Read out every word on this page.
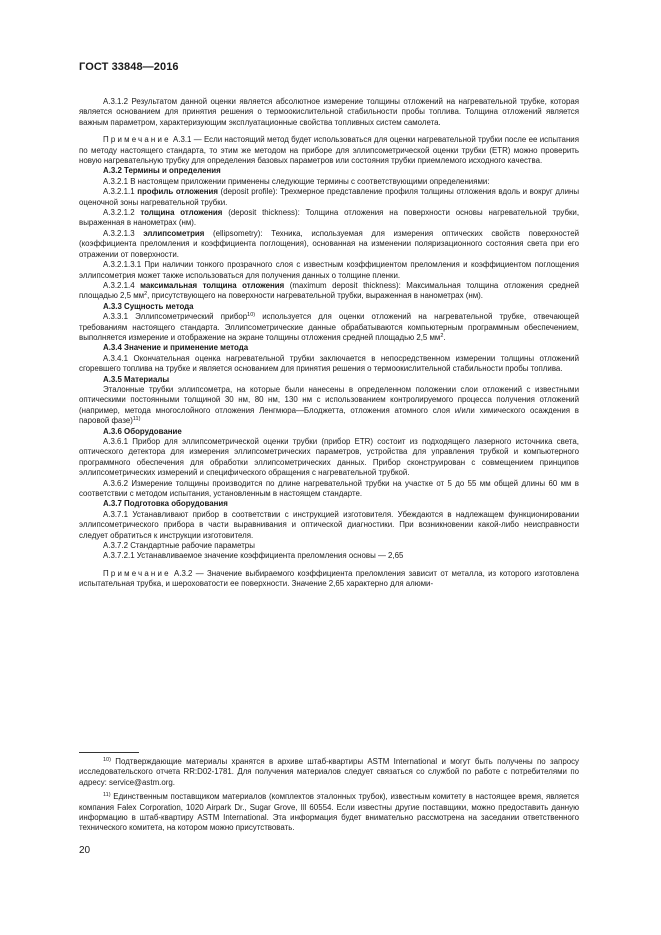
ГОСТ 33848—2016

А.3.1.2 Результатом данной оценки является абсолютное измерение толщины отложений на нагревательной трубке, которая является основанием для принятия решения о термоокислительной стабильности пробы топлива. Толщина отложений является важным параметром, характеризующим эксплуатационные свойства топливных систем самолета.

Примечание А.3.1 — Если настоящий метод будет использоваться для оценки нагревательной трубки после ее испытания по методу настоящего стандарта, то этим же методом на приборе для эллипсометрической оценки трубки (ETR) можно проверить новую нагревательную трубку для определения базовых параметров или состояния трубки приемлемого исходного качества.

А.3.2 Термины и определения

А.3.2.1 В настоящем приложении применены следующие термины с соответствующими определениями:

А.3.2.1.1 профиль отложения (deposit profile): Трехмерное представление профиля толщины отложения вдоль и вокруг длины оценочной зоны нагревательной трубки.

А.3.2.1.2 толщина отложения (deposit thickness): Толщина отложения на поверхности основы нагревательной трубки, выраженная в нанометрах (нм).

А.3.2.1.3 эллипсометрия (ellipsometry): Техника, используемая для измерения оптических свойств поверхностей (коэффициента преломления и коэффициента поглощения), основанная на изменении поляризационного состояния света при его отражении от поверхности.

А.3.2.1.3.1 При наличии тонкого прозрачного слоя с известным коэффициентом преломления и коэффициентом поглощения эллипсометрия может также использоваться для получения данных о толщине пленки.

А.3.2.1.4 максимальная толщина отложения (maximum deposit thickness): Максимальная толщина отложения средней площадью 2,5 $мм^2$, присутствующего на поверхности нагревательной трубки, выраженная в нанометрах (нм).

А.3.3 Сущность метода

А.3.3.1 Эллипсометрический прибор$^{10)}$ используется для оценки отложений на нагревательной трубке, отвечающей требованиям настоящего стандарта. Эллипсометрические данные обрабатываются компьютерным программным обеспечением, выполняется измерение и отображение на экране толщины отложения средней площадью 2,5 $мм^2$.

А.3.4 Значение и применение метода

А.3.4.1 Окончательная оценка нагревательной трубки заключается в непосредственном измерении толщины отложений сгоревшего топлива на трубке и является основанием для принятия решения о термоокислительной стабильности пробы топлива.

А.3.5 Материалы

Эталонные трубки эллипсометра, на которые были нанесены в определенном положении слои отложений с известными оптическими постоянными толщиной 30 нм, 80 нм, 130 нм с использованием контролируемого процесса получения отложений (например, метода многослойного отложения Ленгмюра—Блоджетта, отложения атомного слоя и/или химического осаждения в паровой фазе)$^{11)}$

А.3.6 Оборудование

А.3.6.1 Прибор для эллипсометрической оценки трубки (прибор ETR) состоит из подходящего лазерного источника света, оптического детектора для измерения эллипсометрических параметров, устройства для управления трубкой и компьютерного программного обеспечения для обработки эллипсометрических данных. Прибор сконструирован с совмещением принципов эллипсометрических измерений и специфического обращения с нагревательной трубкой.

А.3.6.2 Измерение толщины производится по длине нагревательной трубки на участке от 5 до 55 мм общей длины 60 мм в соответствии с методом испытания, установленным в настоящем стандарте.

А.3.7 Подготовка оборудования

А.3.7.1 Устанавливают прибор в соответствии с инструкцией изготовителя. Убеждаются в надлежащем функционировании эллипсометрического прибора в части выравнивания и оптической диагностики. При возникновении какой-либо неисправности следует обратиться к инструкции изготовителя.

А.3.7.2 Стандартные рабочие параметры

А.3.7.2.1 Устанавливаемое значение коэффициента преломления основы — 2,65

Примечание А.3.2 — Значение выбираемого коэффициента преломления зависит от металла, из которого изготовлена испытательная трубка, и шероховатости ее поверхности. Значение 2,65 характерно для алюми-

$^{10)}$ Подтверждающие материалы хранятся в архиве штаб-квартиры ASTM International и могут быть получены по запросу исследовательского отчета RR:D02-1781. Для получения материалов следует связаться со службой по работе с потребителями по адресу: service@astm.org.

$^{11)}$ Единственным поставщиком материалов (комплектов эталонных трубок), известным комитету в настоящее время, является компания Falex Corporation, 1020 Airpark Dr., Sugar Grove, Ill 60554. Если известны другие поставщики, можно предоставить данную информацию в штаб-квартиру ASTM International. Эта информация будет внимательно рассмотрена на заседании ответственного технического комитета, на котором можно присутствовать.

20
